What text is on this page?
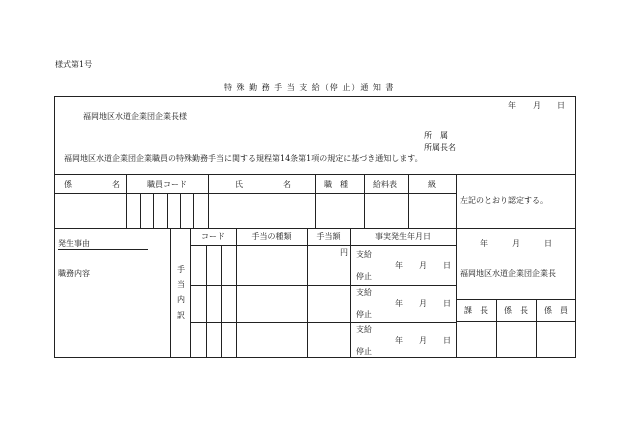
様式第1号
特 殊 勤 務 手 当 支 給（停 止）通 知 書
年 月 日
福岡地区水道企業団企業長様
所　属
所属長名
福岡地区水道企業団企業職員の特殊勤務手当に関する規程第14条第1項の規定に基づき通知します。
係　　　　　名	職員コード	氏　　　　　名	職　種	給料表	級
左記のとおり認定する。
年	月	日
福岡地区水道企業団企業長
課　長	係　長	係　員
発生事由
職務内容	手
当
内
訳
コード	手当の種類	手当額	事実発生年月日
円 支給
年　　月　　日
停止
支給
年　　月　　日
停止
支給
年　　月　　日
停止
